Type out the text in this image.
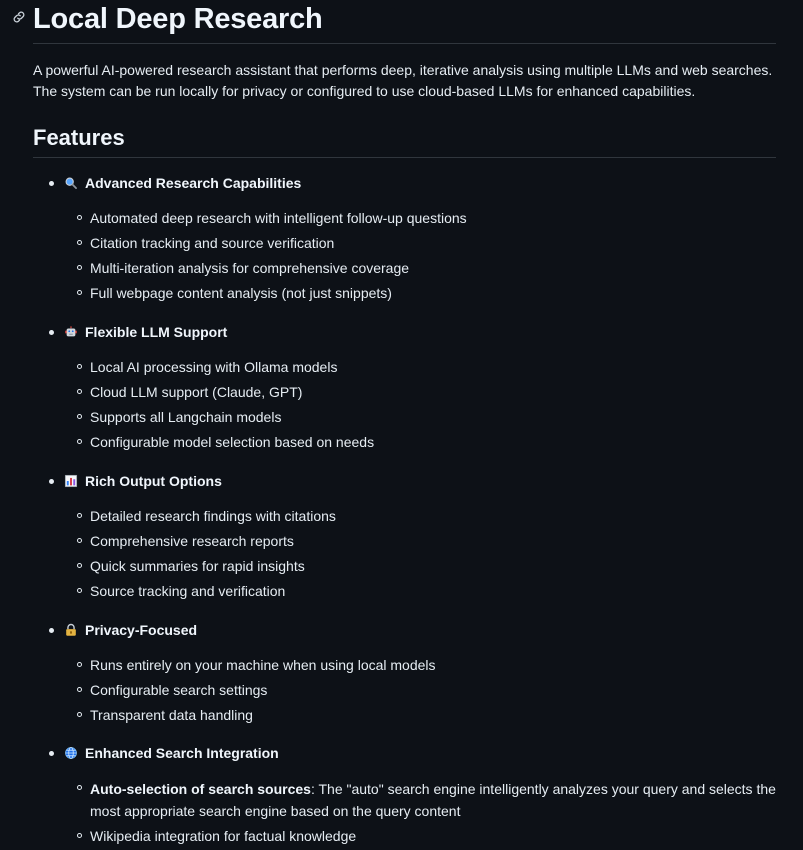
Local Deep Research

A powerful AI-powered research assistant that performs deep, iterative analysis using multiple LLMs and web searches. The system can be run locally for privacy or configured to use cloud-based LLMs for enhanced capabilities.

Features
Advanced Research Capabilities
Automated deep research with intelligent follow-up questions
Citation tracking and source verification
Multi-iteration analysis for comprehensive coverage
Full webpage content analysis (not just snippets)
Flexible LLM Support
Local AI processing with Ollama models
Cloud LLM support (Claude, GPT)
Supports all Langchain models
Configurable model selection based on needs
Rich Output Options
Detailed research findings with citations
Comprehensive research reports
Quick summaries for rapid insights
Source tracking and verification
Privacy-Focused
Runs entirely on your machine when using local models
Configurable search settings
Transparent data handling
Enhanced Search Integration
Auto-selection of search sources: The "auto" search engine intelligently analyzes your query and selects the most appropriate search engine based on the query content
Wikipedia integration for factual knowledge
